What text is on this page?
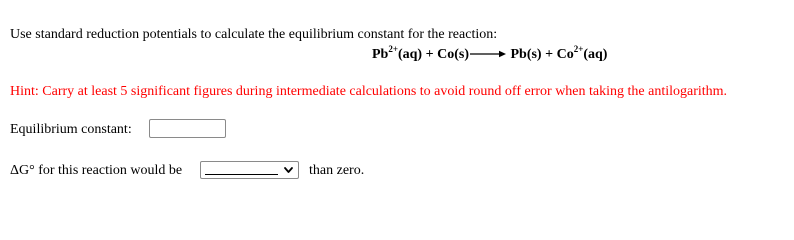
Use standard reduction potentials to calculate the equilibrium constant for the reaction:
$Pb^{2+}(aq) + Co(s)\to Pb(s) + Co^{2+}(aq)$
Hint: Carry at least 5 significant figures during intermediate calculations to avoid round off error when taking the antilogarithm.
Equilibrium constant:
ΔG° for this reaction would be	than zero.
